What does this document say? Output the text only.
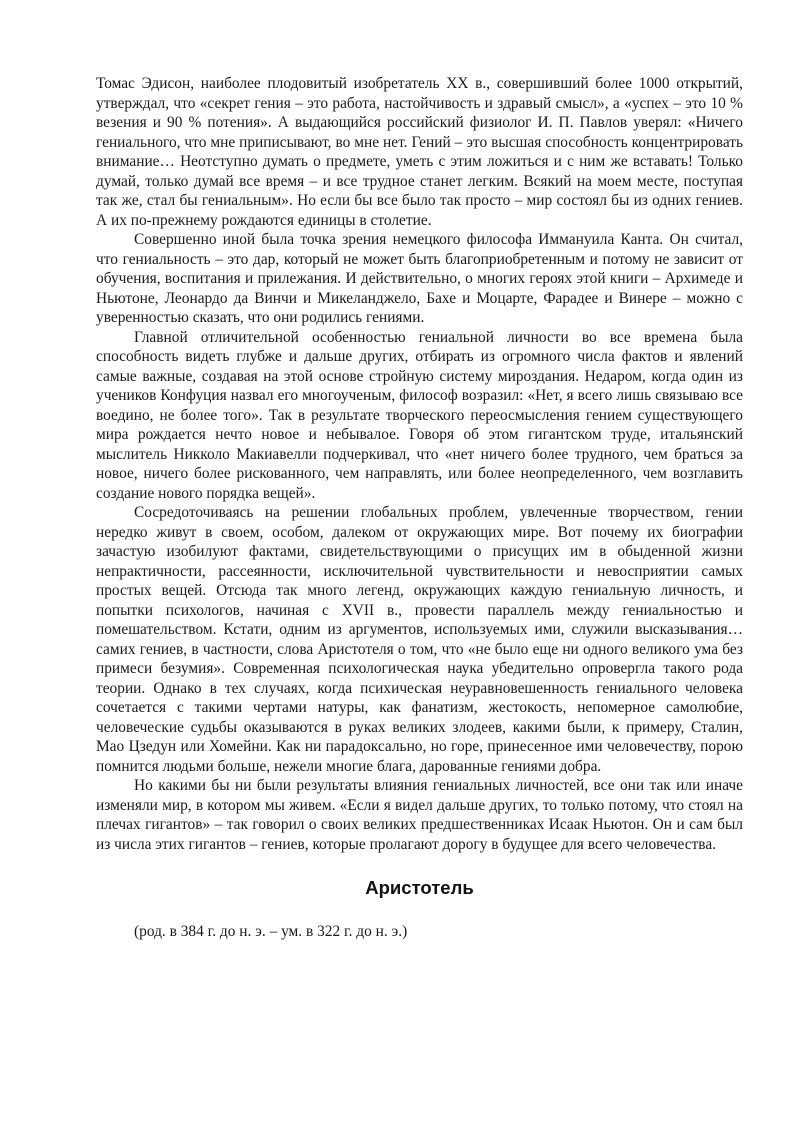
Томас Эдисон, наиболее плодовитый изобретатель XX в., совершивший более 1000 открытий, утверждал, что «секрет гения – это работа, настойчивость и здравый смысл», а «успех – это 10 % везения и 90 % потения». А выдающийся российский физиолог И. П. Павлов уверял: «Ничего гениального, что мне приписывают, во мне нет. Гений – это высшая способность концентрировать внимание… Неотступно думать о предмете, уметь с этим ложиться и с ним же вставать! Только думай, только думай все время – и все трудное станет легким. Всякий на моем месте, поступая так же, стал бы гениальным». Но если бы все было так просто – мир состоял бы из одних гениев. А их по-прежнему рождаются единицы в столетие.

Совершенно иной была точка зрения немецкого философа Иммануила Канта. Он считал, что гениальность – это дар, который не может быть благоприобретенным и потому не зависит от обучения, воспитания и прилежания. И действительно, о многих героях этой книги – Архимеде и Ньютоне, Леонардо да Винчи и Микеланджело, Бахе и Моцарте, Фарадее и Винере – можно с уверенностью сказать, что они родились гениями.

Главной отличительной особенностью гениальной личности во все времена была способность видеть глубже и дальше других, отбирать из огромного числа фактов и явлений самые важные, создавая на этой основе стройную систему мироздания. Недаром, когда один из учеников Конфуция назвал его многоученым, философ возразил: «Нет, я всего лишь связываю все воедино, не более того». Так в результате творческого переосмысления гением существующего мира рождается нечто новое и небывалое. Говоря об этом гигантском труде, итальянский мыслитель Никколо Макиавелли подчеркивал, что «нет ничего более трудного, чем браться за новое, ничего более рискованного, чем направлять, или более неопределенного, чем возглавить создание нового порядка вещей».

Сосредоточиваясь на решении глобальных проблем, увлеченные творчеством, гении нередко живут в своем, особом, далеком от окружающих мире. Вот почему их биографии зачастую изобилуют фактами, свидетельствующими о присущих им в обыденной жизни непрактичности, рассеянности, исключительной чувствительности и невосприятии самых простых вещей. Отсюда так много легенд, окружающих каждую гениальную личность, и попытки психологов, начиная с XVII в., провести параллель между гениальностью и помешательством. Кстати, одним из аргументов, используемых ими, служили высказывания… самих гениев, в частности, слова Аристотеля о том, что «не было еще ни одного великого ума без примеси безумия». Современная психологическая наука убедительно опровергла такого рода теории. Однако в тех случаях, когда психическая неуравновешенность гениального человека сочетается с такими чертами натуры, как фанатизм, жестокость, непомерное самолюбие, человеческие судьбы оказываются в руках великих злодеев, какими были, к примеру, Сталин, Мао Цзедун или Хомейни. Как ни парадоксально, но горе, принесенное ими человечеству, порою помнится людьми больше, нежели многие блага, дарованные гениями добра.

Но какими бы ни были результаты влияния гениальных личностей, все они так или иначе изменяли мир, в котором мы живем. «Если я видел дальше других, то только потому, что стоял на плечах гигантов» – так говорил о своих великих предшественниках Исаак Ньютон. Он и сам был из числа этих гигантов – гениев, которые пролагают дорогу в будущее для всего человечества.

Аристотель

(род. в 384 г. до н. э. – ум. в 322 г. до н. э.)
